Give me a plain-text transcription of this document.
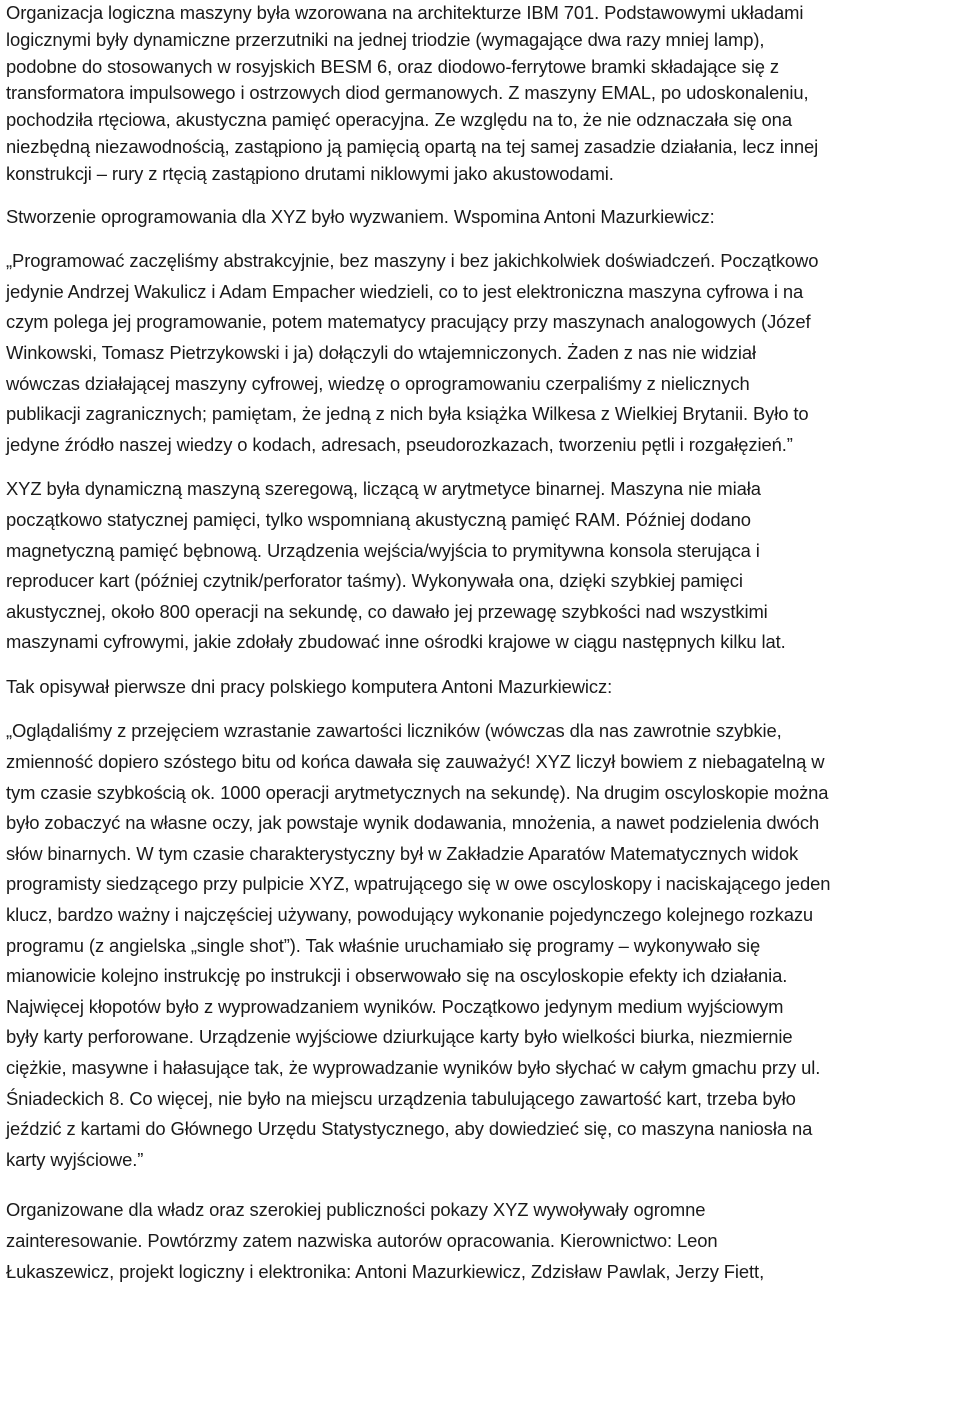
Organizacja logiczna maszyny była wzorowana na architekturze IBM 701. Podstawowymi układami
logicznymi były dynamiczne przerzutniki na jednej triodzie (wymagające dwa razy mniej lamp),
podobne do stosowanych w rosyjskich BESM 6, oraz diodowo-ferrytowe bramki składające się z
transformatora impulsowego i ostrzowych diod germanowych. Z maszyny EMAL, po udoskonaleniu,
pochodziła rtęciowa, akustyczna pamięć operacyjna. Ze względu na to, że nie odznaczała się ona
niezbędną niezawodnością, zastąpiono ją pamięcią opartą na tej samej zasadzie działania, lecz innej
konstrukcji – rury z rtęcią zastąpiono drutami niklowymi jako akustowodami.

Stworzenie oprogramowania dla XYZ było wyzwaniem. Wspomina Antoni Mazurkiewicz:

„Programować zaczęliśmy abstrakcyjnie, bez maszyny i bez jakichkolwiek doświadczeń. Początkowo
jedynie Andrzej Wakulicz i Adam Empacher wiedzieli, co to jest elektroniczna maszyna cyfrowa i na
czym polega jej programowanie, potem matematycy pracujący przy maszynach analogowych (Józef
Winkowski, Tomasz Pietrzykowski i ja) dołączyli do wtajemniczonych. Żaden z nas nie widział
wówczas działającej maszyny cyfrowej, wiedzę o oprogramowaniu czerpaliśmy z nielicznych
publikacji zagranicznych; pamiętam, że jedną z nich była książka Wilkesa z Wielkiej Brytanii. Było to
jedyne źródło naszej wiedzy o kodach, adresach, pseudorozkazach, tworzeniu pętli i rozgałęzień.”

XYZ była dynamiczną maszyną szeregową, liczącą w arytmetyce binarnej. Maszyna nie miała
początkowo statycznej pamięci, tylko wspomnianą akustyczną pamięć RAM. Później dodano
magnetyczną pamięć bębnową. Urządzenia wejścia/wyjścia to prymitywna konsola sterująca i
reproducer kart (później czytnik/perforator taśmy). Wykonywała ona, dzięki szybkiej pamięci
akustycznej, około 800 operacji na sekundę, co dawało jej przewagę szybkości nad wszystkimi
maszynami cyfrowymi, jakie zdołały zbudować inne ośrodki krajowe w ciągu następnych kilku lat.

Tak opisywał pierwsze dni pracy polskiego komputera Antoni Mazurkiewicz:

„Oglądaliśmy z przejęciem wzrastanie zawartości liczników (wówczas dla nas zawrotnie szybkie,
zmienność dopiero szóstego bitu od końca dawała się zauważyć! XYZ liczył bowiem z niebagatelną w
tym czasie szybkością ok. 1000 operacji arytmetycznych na sekundę). Na drugim oscyloskopie można
było zobaczyć na własne oczy, jak powstaje wynik dodawania, mnożenia, a nawet podzielenia dwóch
słów binarnych. W tym czasie charakterystyczny był w Zakładzie Aparatów Matematycznych widok
programisty siedzącego przy pulpicie XYZ, wpatrującego się w owe oscyloskopy i naciskającego jeden
klucz, bardzo ważny i najczęściej używany, powodujący wykonanie pojedynczego kolejnego rozkazu
programu (z angielska „single shot”). Tak właśnie uruchamiało się programy – wykonywało się
mianowicie kolejno instrukcję po instrukcji i obserwowało się na oscyloskopie efekty ich działania.
Najwięcej kłopotów było z wyprowadzaniem wyników. Początkowo jedynym medium wyjściowym
były karty perforowane. Urządzenie wyjściowe dziurkujące karty było wielkości biurka, niezmiernie
ciężkie, masywne i hałasujące tak, że wyprowadzanie wyników było słychać w całym gmachu przy ul.
Śniadeckich 8. Co więcej, nie było na miejscu urządzenia tabulującego zawartość kart, trzeba było
jeździć z kartami do Głównego Urzędu Statystycznego, aby dowiedzieć się, co maszyna naniosła na
karty wyjściowe.”

Organizowane dla władz oraz szerokiej publiczności pokazy XYZ wywoływały ogromne
zainteresowanie. Powtórzmy zatem nazwiska autorów opracowania. Kierownictwo: Leon
Łukaszewicz, projekt logiczny i elektronika: Antoni Mazurkiewicz, Zdzisław Pawlak, Jerzy Fiett,
